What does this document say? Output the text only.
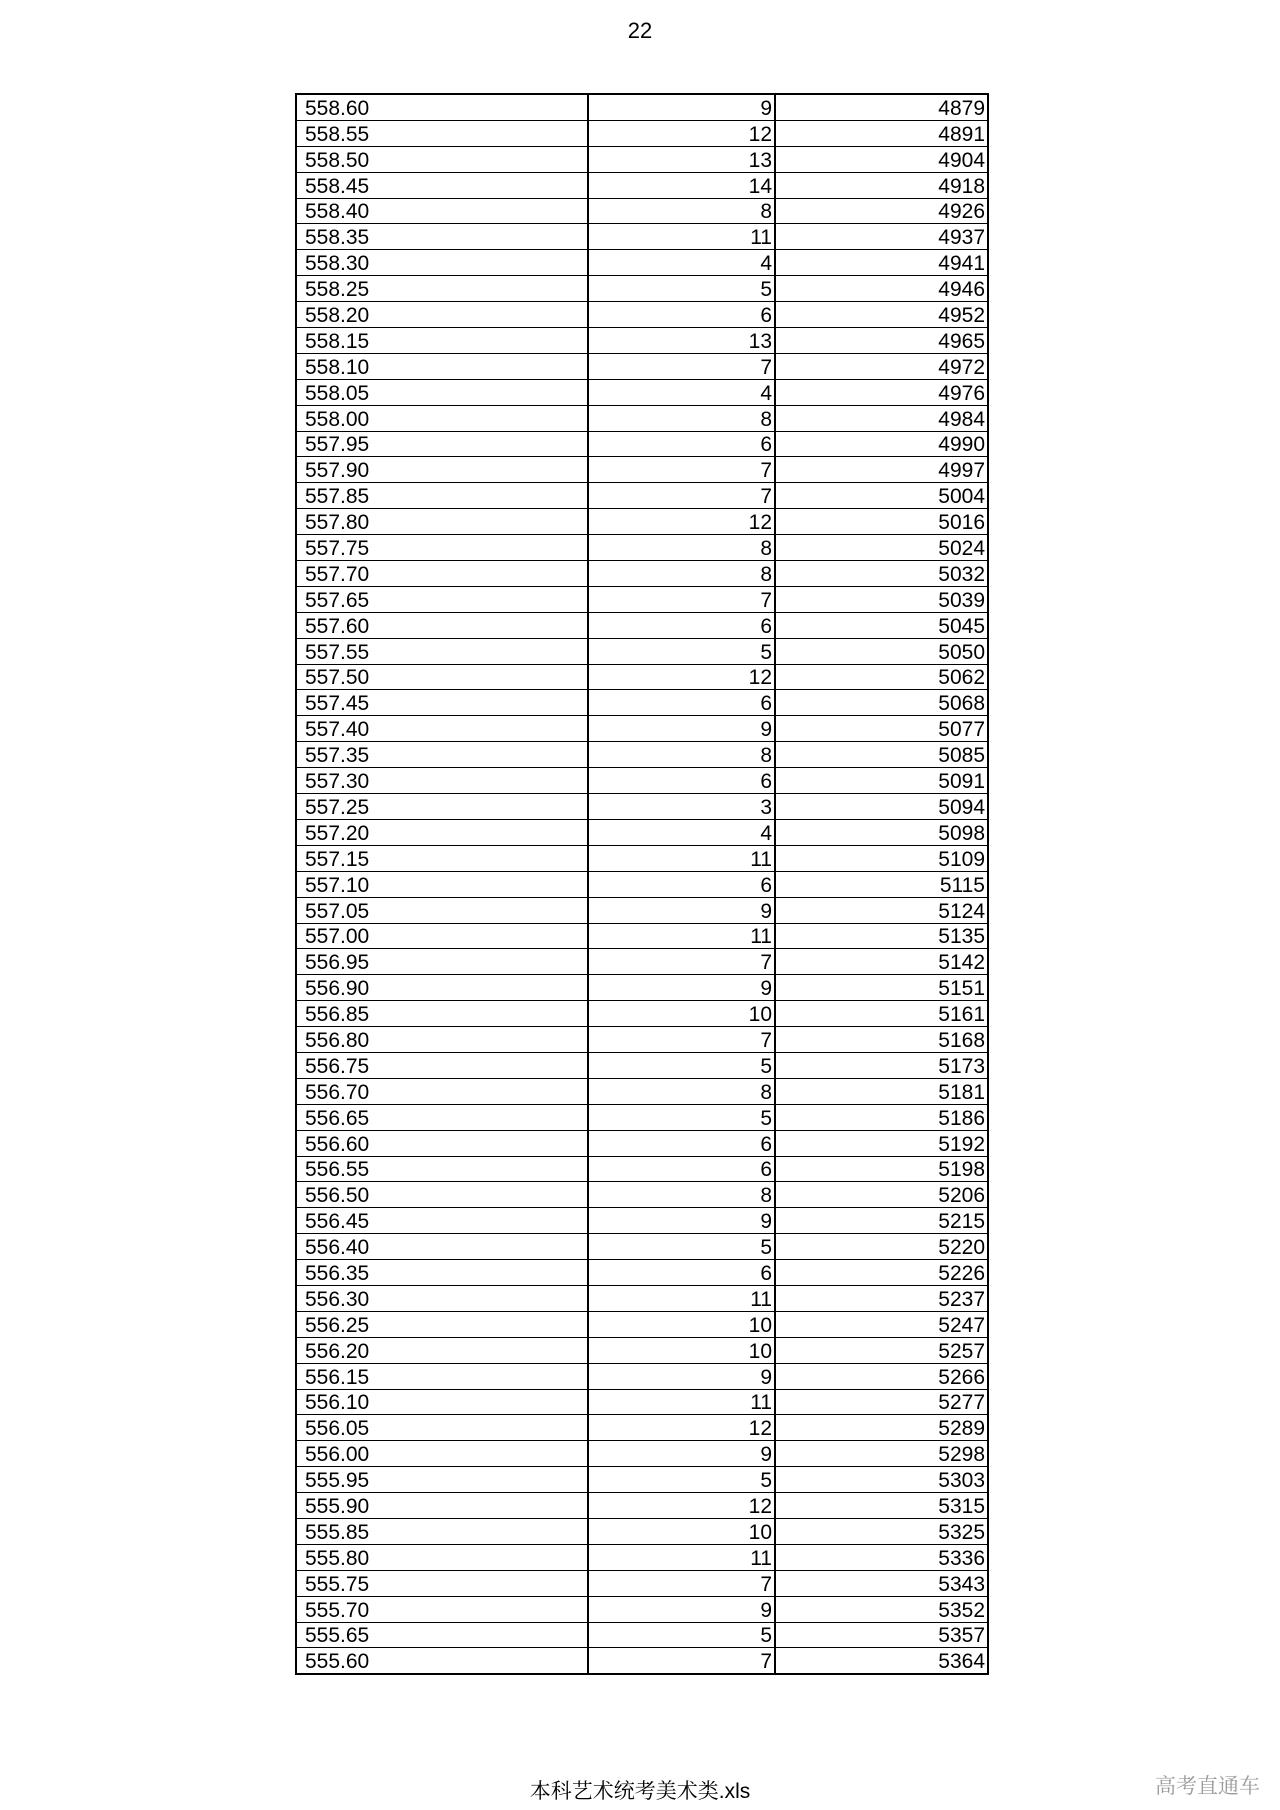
22
558.60	9	4879
558.55	12	4891
558.50	13	4904
558.45	14	4918
558.40	8	4926
558.35	11	4937
558.30	4	4941
558.25	5	4946
558.20	6	4952
558.15	13	4965
558.10	7	4972
558.05	4	4976
558.00	8	4984
557.95	6	4990
557.90	7	4997
557.85	7	5004
557.80	12	5016
557.75	8	5024
557.70	8	5032
557.65	7	5039
557.60	6	5045
557.55	5	5050
557.50	12	5062
557.45	6	5068
557.40	9	5077
557.35	8	5085
557.30	6	5091
557.25	3	5094
557.20	4	5098
557.15	11	5109
557.10	6	5115
557.05	9	5124
557.00	11	5135
556.95	7	5142
556.90	9	5151
556.85	10	5161
556.80	7	5168
556.75	5	5173
556.70	8	5181
556.65	5	5186
556.60	6	5192
556.55	6	5198
556.50	8	5206
556.45	9	5215
556.40	5	5220
556.35	6	5226
556.30	11	5237
556.25	10	5247
556.20	10	5257
556.15	9	5266
556.10	11	5277
556.05	12	5289
556.00	9	5298
555.95	5	5303
555.90	12	5315
555.85	10	5325
555.80	11	5336
555.75	7	5343
555.70	9	5352
555.65	5	5357
555.60	7	5364
本科艺术统考美术类.xls	高考直通车
